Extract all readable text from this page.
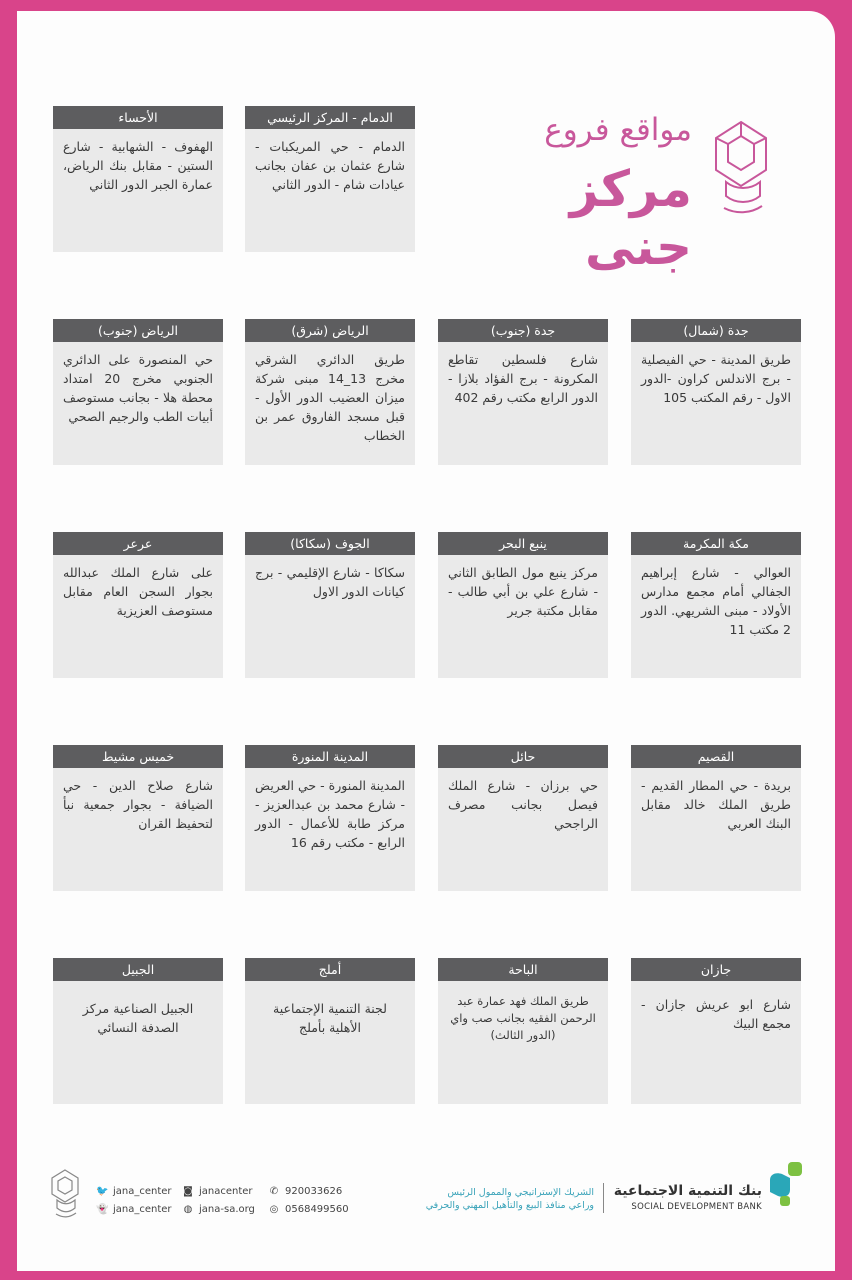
مواقع فروع
مركز جنى
الدمام - المركز الرئيسي
الدمام - حي المريكبات - شارع عثمان بن عفان بجانب عيادات شام - الدور الثاني
الأحساء
الهفوف - الشهابية - شارع الستين - مقابل بنك الرياض، عمارة الجبر الدور الثاني
جدة (شمال)
طريق المدينة - حي الفيصلية - برج الاندلس كراون -الدور الاول - رقم المكتب 105
جدة (جنوب)
شارع فلسطين تقاطع المكرونة - برج الفؤاد بلازا - الدور الرابع مكتب رقم 402
الرياض (شرق)
طريق الدائري الشرقي مخرج 13_14 مبنى شركة ميزان العضيب الدور الأول - قبل مسجد الفاروق عمر بن الخطاب
الرياض (جنوب)
حي المنصورة على الدائري الجنوبي مخرج 20 امتداد محطة هلا - بجانب مستوصف أبيات الطب والرجيم الصحي
مكة المكرمة
العوالي - شارع إبراهيم الجفالي أمام مجمع مدارس الأولاد - مبنى الشريهي. الدور 2 مكتب 11
ينبع البحر
مركز ينبع مول الطابق الثاني - شارع علي بن أبي طالب - مقابل مكتبة جرير
الجوف (سكاكا)
سكاكا - شارع الإقليمي - برج كيانات الدور الاول
عرعر
على شارع الملك عبدالله بجوار السجن العام مقابل مستوصف العزيزية
القصيم
بريدة - حي المطار القديم - طريق الملك خالد مقابل البنك العربي
حائل
حي برزان - شارع الملك فيصل بجانب مصرف الراجحي
المدينة المنورة
المدينة المنورة - حي العريض - شارع محمد بن عبدالعزيز - مركز طابة للأعمال - الدور الرابع - مكتب رقم 16
خميس مشيط
شارع صلاح الدين - حي الضيافة - بجوار جمعية نبأ لتحفيظ القران
جازان
شارع ابو عريش جازان - مجمع البيك
الباحة
طريق الملك فهد عمارة عبد الرحمن الفقيه بجانب صب واي (الدور الثالث)
أملج
لجنة التنمية الإجتماعية الأهلية بأملج
الجبيل
الجبيل الصناعية مركز الصدفة النسائي
🐦 jana_center
👻 jana_center
◙ janacenter
◍ jana-sa.org
✆ 920033626
◎ 0568499560
الشريك الإستراتيجي والممول الرئيس
وراعي منافذ البيع والتأهيل المهني والحرفي
بنك التنمية الاجتماعية
SOCIAL DEVELOPMENT BANK
